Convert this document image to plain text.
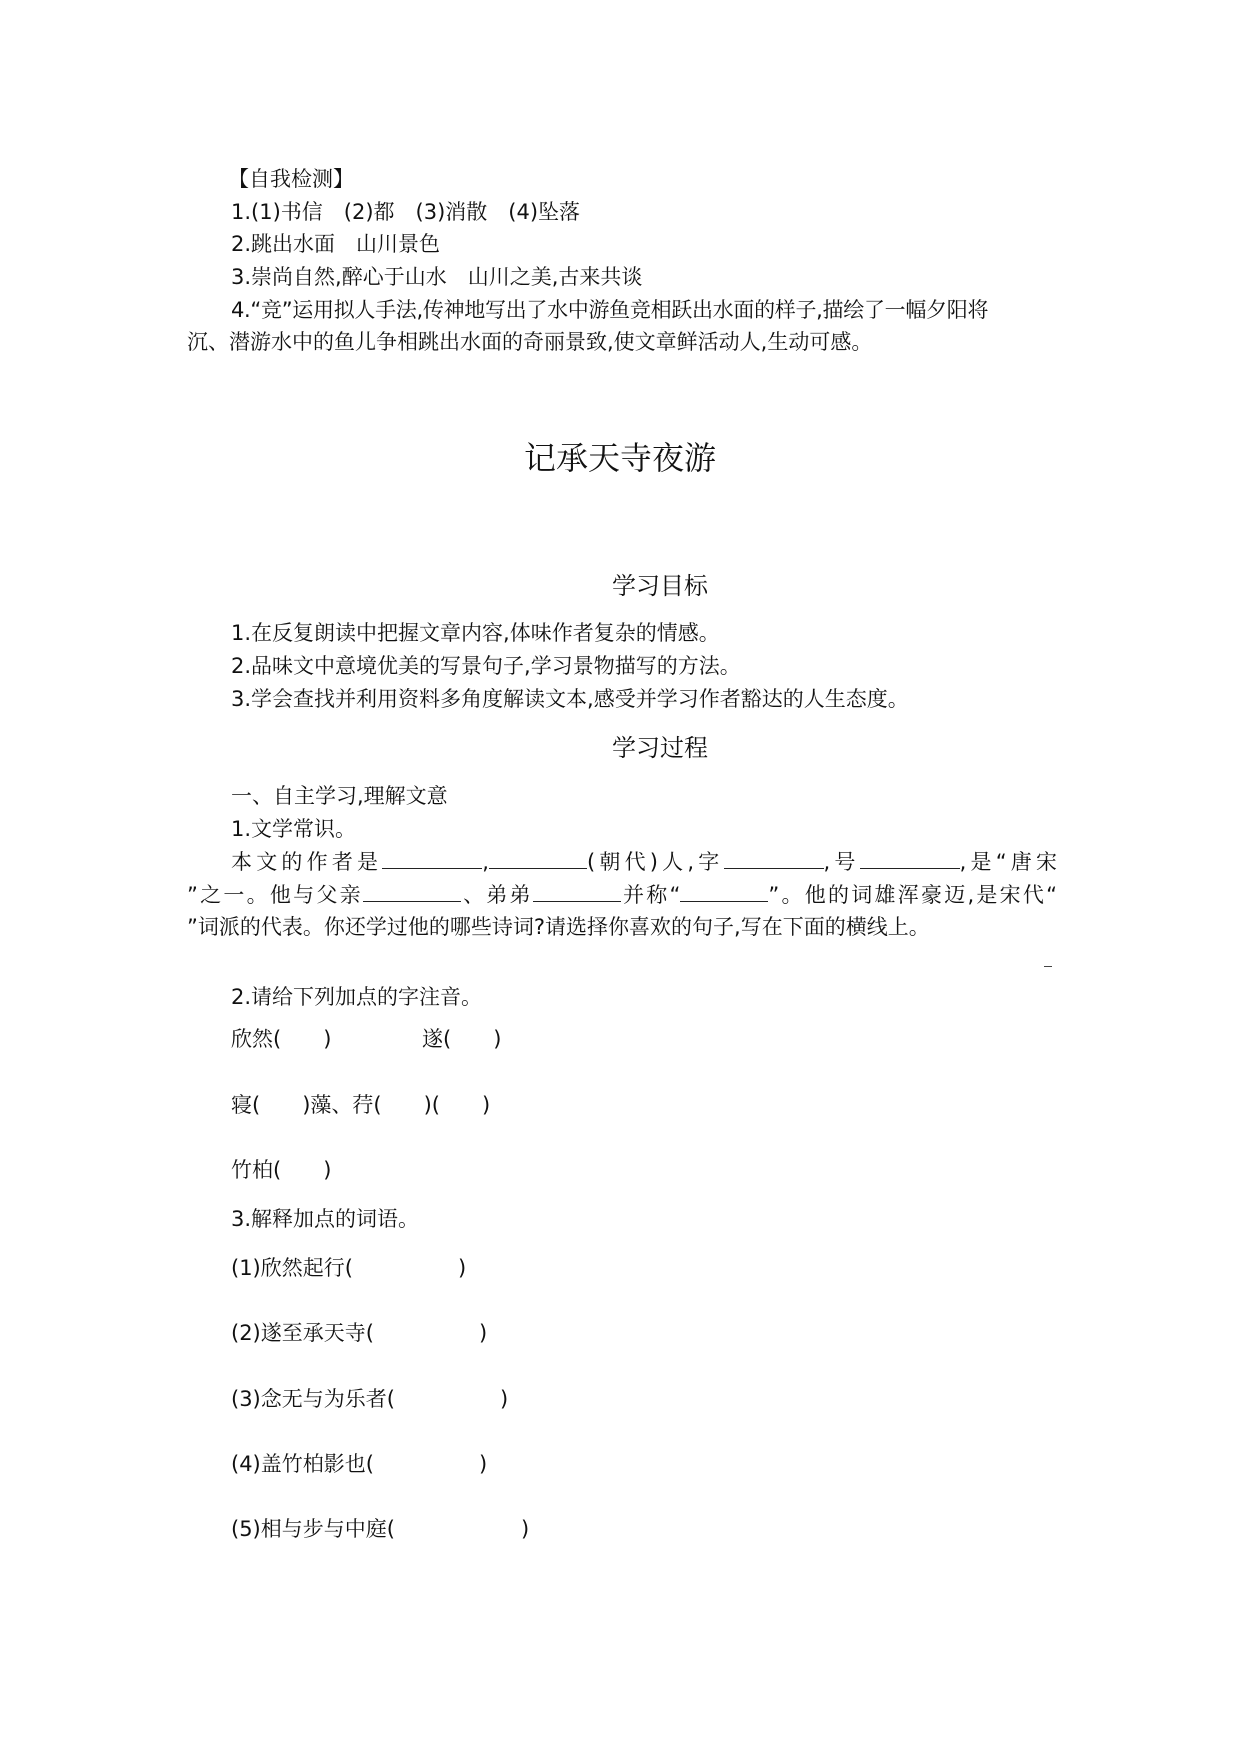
【自我检测】
1.(1)书信　(2)都　(3)消散　(4)坠落
2.跳出水面　山川景色
3.崇尚自然,醉心于山水　山川之美,古来共谈
4.“竞”运用拟人手法,传神地写出了水中游鱼竞相跃出水面的样子,描绘了一幅夕阳将
沉、潜游水中的鱼儿争相跳出水面的奇丽景致,使文章鲜活动人,生动可感。
记承天寺夜游
学习目标
1.在反复朗读中把握文章内容,体味作者复杂的情感。
2.品味文中意境优美的写景句子,学习景物描写的方法。
3.学会查找并利用资料多角度解读文本,感受并学习作者豁达的人生态度。
学习过程
一、自主学习,理解文意
1.文学常识。
本文的作者是	,	(朝代)人,字	,号	,是“唐宋
”之一。他与父亲	、弟弟	并称“	”。他的词雄浑豪迈,是宋代“
”词派的代表。你还学过他的哪些诗词?请选择你喜欢的句子,写在下面的横线上。
2.请给下列加点的字注音。
欣然(　　)	遂(　　)
寝(　　)藻、荇(　　)(　　)
竹柏(　　)
3.解释加点的词语。
(1)欣然起行(　　　　　)
(2)遂至承天寺(　　　　　)
(3)念无与为乐者(　　　　　)
(4)盖竹柏影也(　　　　　)
(5)相与步与中庭(　　　　　　)
